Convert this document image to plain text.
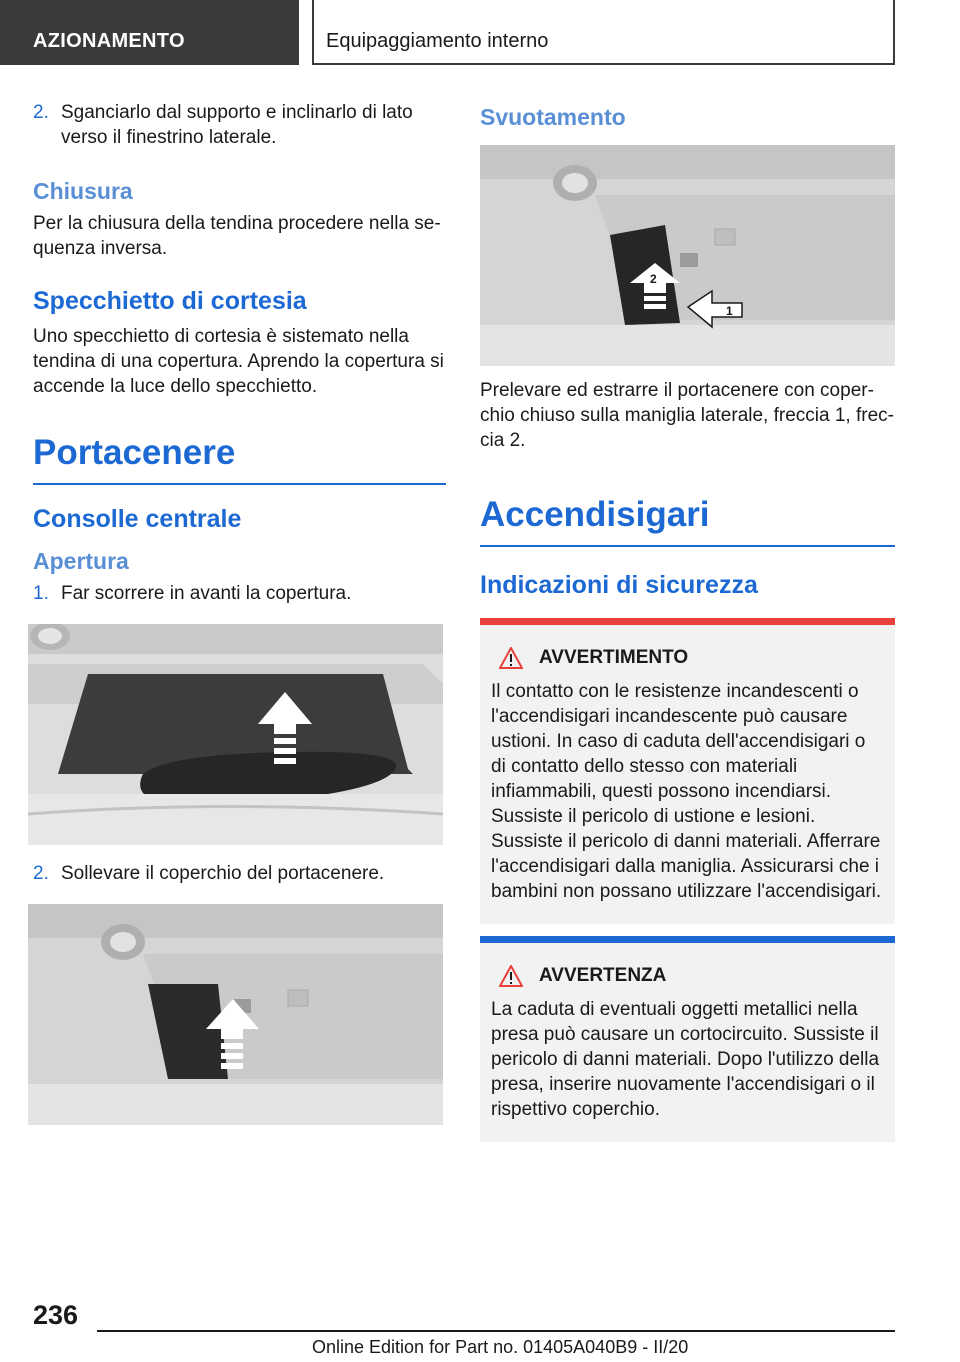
AZIONAMENTO	Equipaggiamento interno
2. Sganciarlo dal supporto e inclinarlo di lato verso il finestrino laterale.
Chiusura

Per la chiusura della tendina procedere nella sequenza inversa.

Specchietto di cortesia

Uno specchietto di cortesia è sistemato nella tendina di una copertura. Aprendo la copertura si accende la luce dello specchietto.

Portacenere
Consolle centrale
Apertura
1. Far scorrere in avanti la copertura.
2. Sollevare il coperchio del portacenere.
Svuotamento
1
2

Prelevare ed estrarre il portacenere con coperchio chiuso sulla maniglia laterale, freccia 1, freccia 2.

Accendisigari
Indicazioni di sicurezza
AVVERTIMENTO

Il contatto con le resistenze incandescenti o l'accendisigari incandescente può causare ustioni. In caso di caduta dell'accendisigari o di contatto dello stesso con materiali infiammabili, questi possono incendiarsi. Sussiste il pericolo di ustione e lesioni. Sussiste il pericolo di danni materiali. Afferrare l'accendisigari dalla maniglia. Assicurarsi che i bambini non possano utilizzare l'accendisigari.

AVVERTENZA

La caduta di eventuali oggetti metallici nella presa può causare un cortocircuito. Sussiste il pericolo di danni materiali. Dopo l'utilizzo della presa, inserire nuovamente l'accendisigari o il rispettivo coperchio.

236
Online Edition for Part no. 01405A040B9 - II/20
